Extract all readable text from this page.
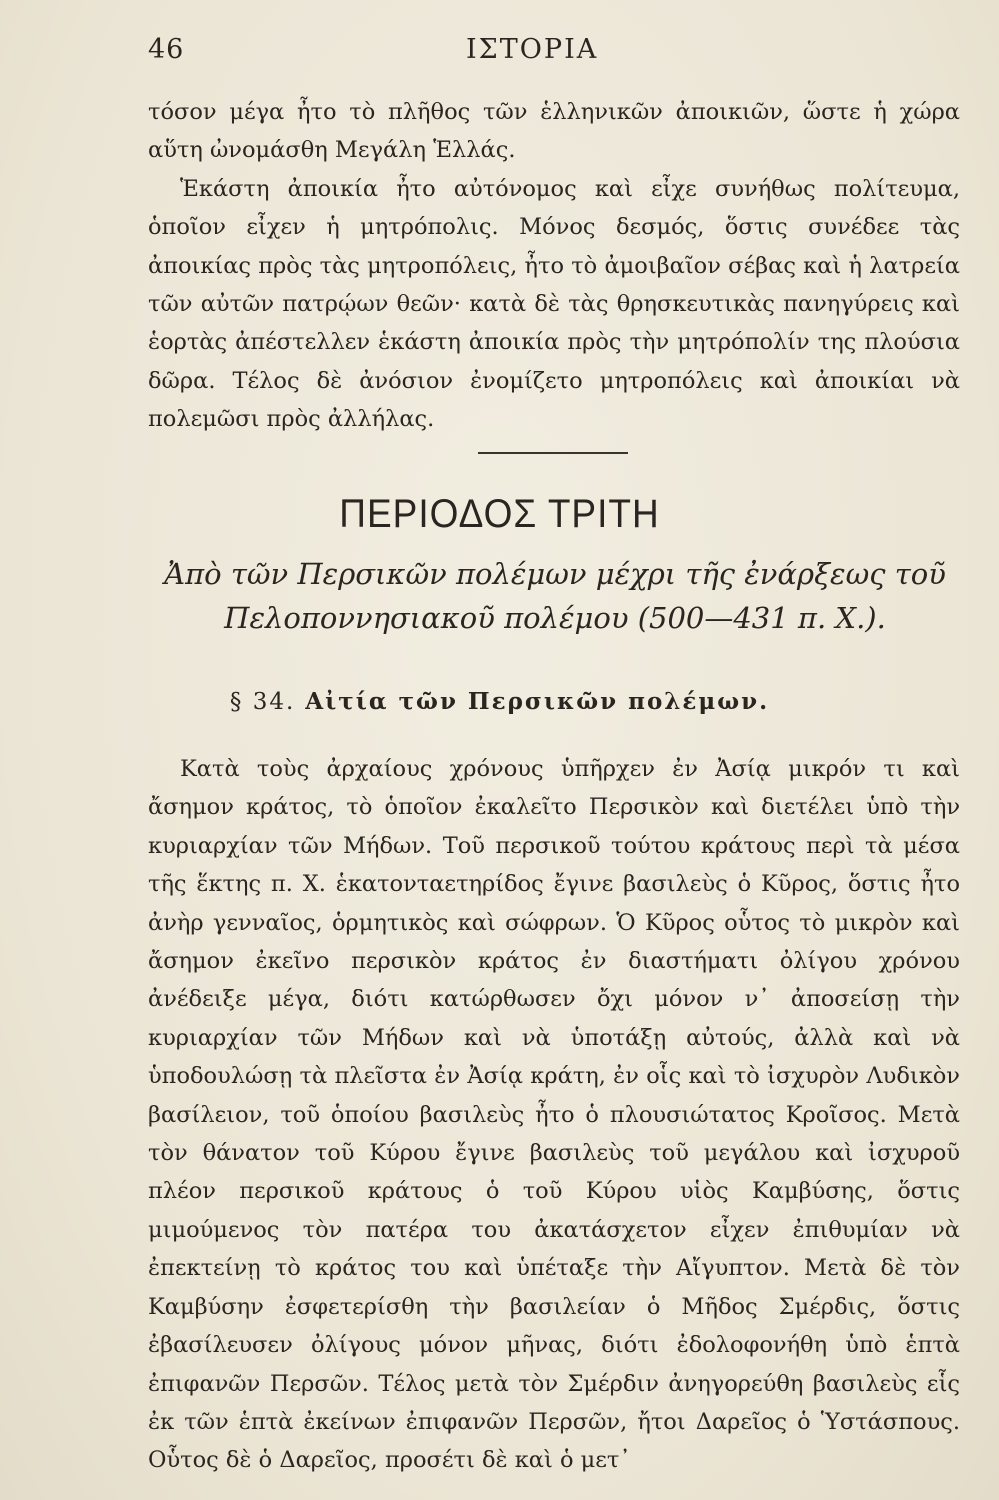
46	ΙΣΤΟΡΙΑ

τόσον μέγα ἦτο τὸ πλῆθος τῶν ἑλληνικῶν ἀποικιῶν, ὥστε ἡ χώρα αὕτη ὠνομάσθη Μεγάλη Ἑλλάς.

Ἑκάστη ἀποικία ἦτο αὐτόνομος καὶ εἶχε συνήθως πολίτευμα, ὁποῖον εἶχεν ἡ μητρόπολις. Μόνος δεσμός, ὅστις συνέδεε τὰς ἀποικίας πρὸς τὰς μητροπόλεις, ἦτο τὸ ἀμοιβαῖον σέβας καὶ ἡ λατρεία τῶν αὐτῶν πατρῴων θεῶν· κατὰ δὲ τὰς θρησκευτικὰς πανηγύρεις καὶ ἑορτὰς ἀπέστελλεν ἑκάστη ἀποικία πρὸς τὴν μητρόπολίν της πλούσια δῶρα. Τέλος δὲ ἀνόσιον ἐνομίζετο μητροπόλεις καὶ ἀποικίαι νὰ πολεμῶσι πρὸς ἀλλήλας.

ΠΕΡΙΟΔΟΣ ΤΡΙΤΗ
Ἀπὸ τῶν Περσικῶν πολέμων μέχρι τῆς ἐνάρξεως τοῦ
Πελοποννησιακοῦ πολέμου (500—431 π. Χ.).
§ 34. Αἰτία τῶν Περσικῶν πολέμων.

Κατὰ τοὺς ἀρχαίους χρόνους ὑπῆρχεν ἐν Ἀσίᾳ μικρόν τι καὶ ἄσημον κράτος, τὸ ὁποῖον ἐκαλεῖτο Περσικὸν καὶ διετέλει ὑπὸ τὴν κυριαρχίαν τῶν Μήδων. Τοῦ περσικοῦ τούτου κράτους περὶ τὰ μέσα τῆς ἕκτης π. Χ. ἑκατονταετηρίδος ἔγινε βασιλεὺς ὁ Κῦρος, ὅστις ἦτο ἀνὴρ γενναῖος, ὁρμητικὸς καὶ σώφρων. Ὁ Κῦρος οὗτος τὸ μικρὸν καὶ ἄσημον ἐκεῖνο περσικὸν κράτος ἐν διαστήματι ὀλίγου χρόνου ἀνέδειξε μέγα, διότι κατώρθωσεν ὄχι μόνον ν᾽ ἀποσείσῃ τὴν κυριαρχίαν τῶν Μήδων καὶ νὰ ὑποτάξῃ αὐτούς, ἀλλὰ καὶ νὰ ὑποδουλώσῃ τὰ πλεῖστα ἐν Ἀσίᾳ κράτη, ἐν οἷς καὶ τὸ ἰσχυρὸν Λυδικὸν βασίλειον, τοῦ ὁποίου βασιλεὺς ἦτο ὁ πλουσιώτατος Κροῖσος. Μετὰ τὸν θάνατον τοῦ Κύρου ἔγινε βασιλεὺς τοῦ μεγάλου καὶ ἰσχυροῦ πλέον περσικοῦ κράτους ὁ τοῦ Κύρου υἱὸς Καμβύσης, ὅστις μιμούμενος τὸν πατέρα του ἀκατάσχετον εἶχεν ἐπιθυμίαν νὰ ἐπεκτείνῃ τὸ κράτος του καὶ ὑπέταξε τὴν Αἴγυπτον. Μετὰ δὲ τὸν Καμβύσην ἐσφετερίσθη τὴν βασιλείαν ὁ Μῆδος Σμέρδις, ὅστις ἐβασίλευσεν ὀλίγους μόνον μῆνας, διότι ἐδολοφονήθη ὑπὸ ἑπτὰ ἐπιφανῶν Περσῶν. Τέλος μετὰ τὸν Σμέρδιν ἀνηγορεύθη βασιλεὺς εἷς ἐκ τῶν ἑπτὰ ἐκείνων ἐπιφανῶν Περσῶν, ἤτοι Δαρεῖος ὁ Ὑστάσπους. Οὗτος δὲ ὁ Δαρεῖος, προσέτι δὲ καὶ ὁ μετ᾽
